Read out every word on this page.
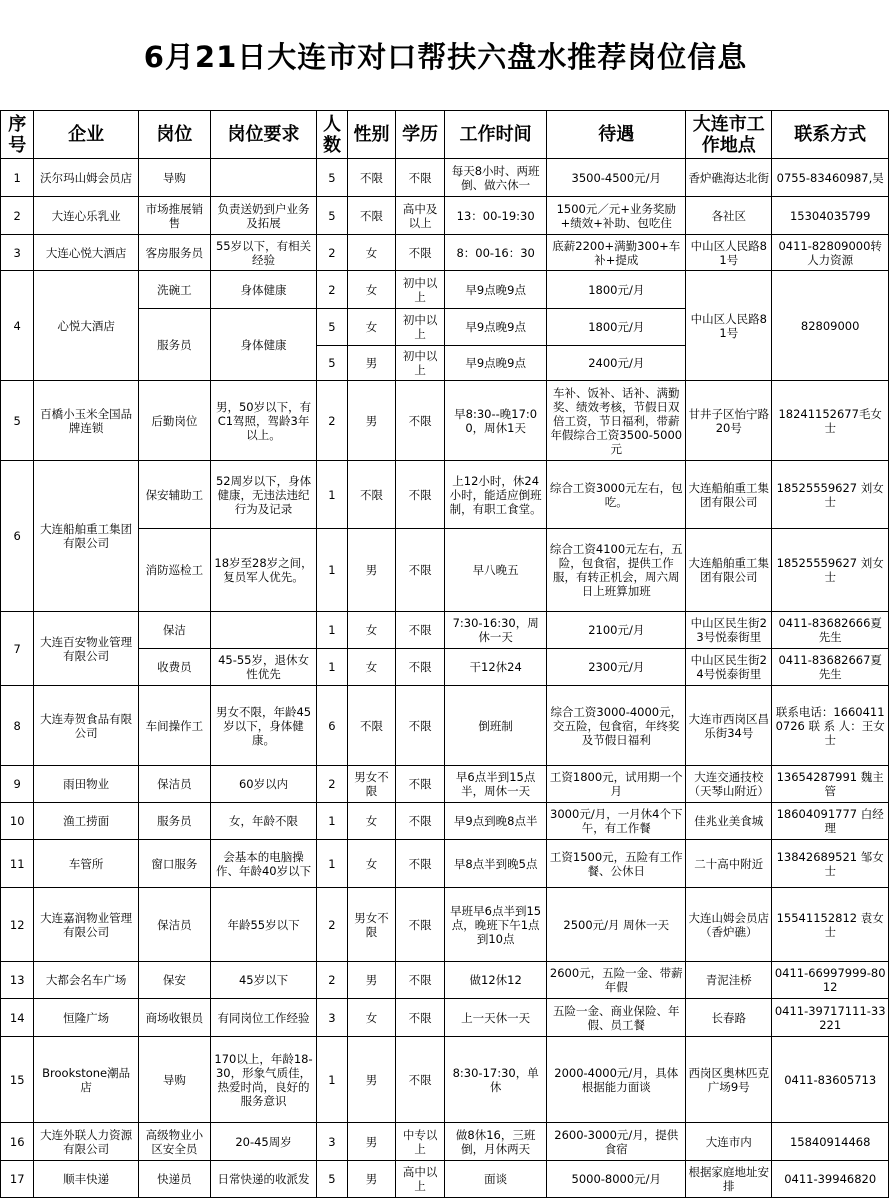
6月21日大连市对口帮扶六盘水推荐岗位信息
序号	企业	岗位	岗位要求	人数	性别	学历	工作时间	待遇	大连市工作地点	联系方式
1	沃尔玛山姆会员店	导购		5	不限	不限	每天8小时、两班倒、做六休一	3500-4500元/月	香炉礁海达北街	0755-83460987,吴
2	大连心乐乳业	市场推展销售	负责送奶到户业务及拓展	5	不限	高中及以上	13：00-19:30	1500元／元+业务奖励+绩效+补助、包吃住	各社区	15304035799
3	大连心悦大酒店	客房服务员	55岁以下，有相关经验	2	女	不限	8：00-16：30	底薪2200+满勤300+车补+提成	中山区人民路81号	0411-82809000转人力资源
4	心悦大酒店	洗碗工	身体健康	2	女	初中以上	早9点晚9点	1800元/月	中山区人民路81号	82809000
		服务员	身体健康	5	女	初中以上	早9点晚9点	1800元/月		
				5	男	初中以上	早9点晚9点	2400元/月		
5	百橋小玉米全国品牌连锁	后勤岗位	男，50岁以下，有C1驾照，驾龄3年以上。	2	男	不限	早8:30--晚17:00，周休1天	车补、饭补、话补、满勤奖、绩效考核，节假日双倍工资，节日福利，带薪年假综合工资3500-5000元	甘井子区怡宁路20号	18241152677毛女士
6	大连船舶重工集团有限公司	保安辅助工	52周岁以下，身体健康，无违法违纪行为及记录	1	不限	不限	上12小时，休24小时，能适应倒班制，有职工食堂。	综合工资3000元左右，包吃。	大连船舶重工集团有限公司	18525559627 刘女士
		消防巡检工	18岁至28岁之间，复员军人优先。	1	男	不限	早八晚五	综合工资4100元左右，五险，包食宿，提供工作服，有转正机会，周六周日上班算加班	大连船舶重工集团有限公司	18525559627 刘女士
7	大连百安物业管理有限公司	保洁		1	女	不限	7:30-16:30，周休一天	2100元/月	中山区民生街23号悦泰街里	0411-83682666夏先生
		收费员	45-55岁，退休女性优先	1	女	不限	干12休24	2300元/月	中山区民生街24号悦泰街里	0411-83682667夏先生
8	大连寿贺食品有限公司	车间操作工	男女不限，年龄45岁以下，身体健康。	6	不限	不限	倒班制	综合工资3000-4000元，交五险，包食宿，年终奖及节假日福利	大连市西岗区昌乐街34号	联系电话：16604110726 联 系 人：王女士
9	雨田物业	保洁员	60岁以内	2	男女不限	不限	早6点半到15点半，周休一天	工资1800元，试用期一个月	大连交通技校（天琴山附近）	13654287991 魏主管
10	渔工捞面	服务员	女，年龄不限	1	女	不限	早9点到晚8点半	3000元/月，一月休4个下午，有工作餐	佳兆业美食城	18604091777 白经理
11	车管所	窗口服务	会基本的电脑操作、年龄40岁以下	1	女	不限	早8点半到晚5点	工资1500元，五险有工作餐、公休日	二十高中附近	13842689521 邹女士
12	大连嘉润物业管理有限公司	保洁员	年龄55岁以下	2	男女不限	不限	早班早6点半到15点，晚班下午1点到10点	2500元/月 周休一天	大连山姆会员店（香炉礁）	15541152812 袁女士
13	大都会名车广场	保安	45岁以下	2	男	不限	做12休12	2600元，五险一金、带薪年假	青泥洼桥	0411-66997999-8012
14	恒隆广场	商场收银员	有同岗位工作经验	3	女	不限	上一天休一天	五险一金、商业保险、年假、员工餐	长春路	0411-39717111-33221
15	Brookstone潮品店	导购	170以上，年龄18-30，形象气质佳，热爱时尚，良好的服务意识	1	男	不限	8:30-17:30，单休	2000-4000元/月，具体根据能力面谈	西岗区奥林匹克广场9号	0411-83605713
16	大连外联人力资源有限公司	高级物业小区安全员	20-45周岁	3	男	中专以上	做8休16，三班倒，月休两天	2600-3000元/月，提供食宿	大连市内	15840914468
17	顺丰快递	快递员	日常快递的收派发	5	男	高中以上	面谈	5000-8000元/月	根据家庭地址安排	0411-39946820
